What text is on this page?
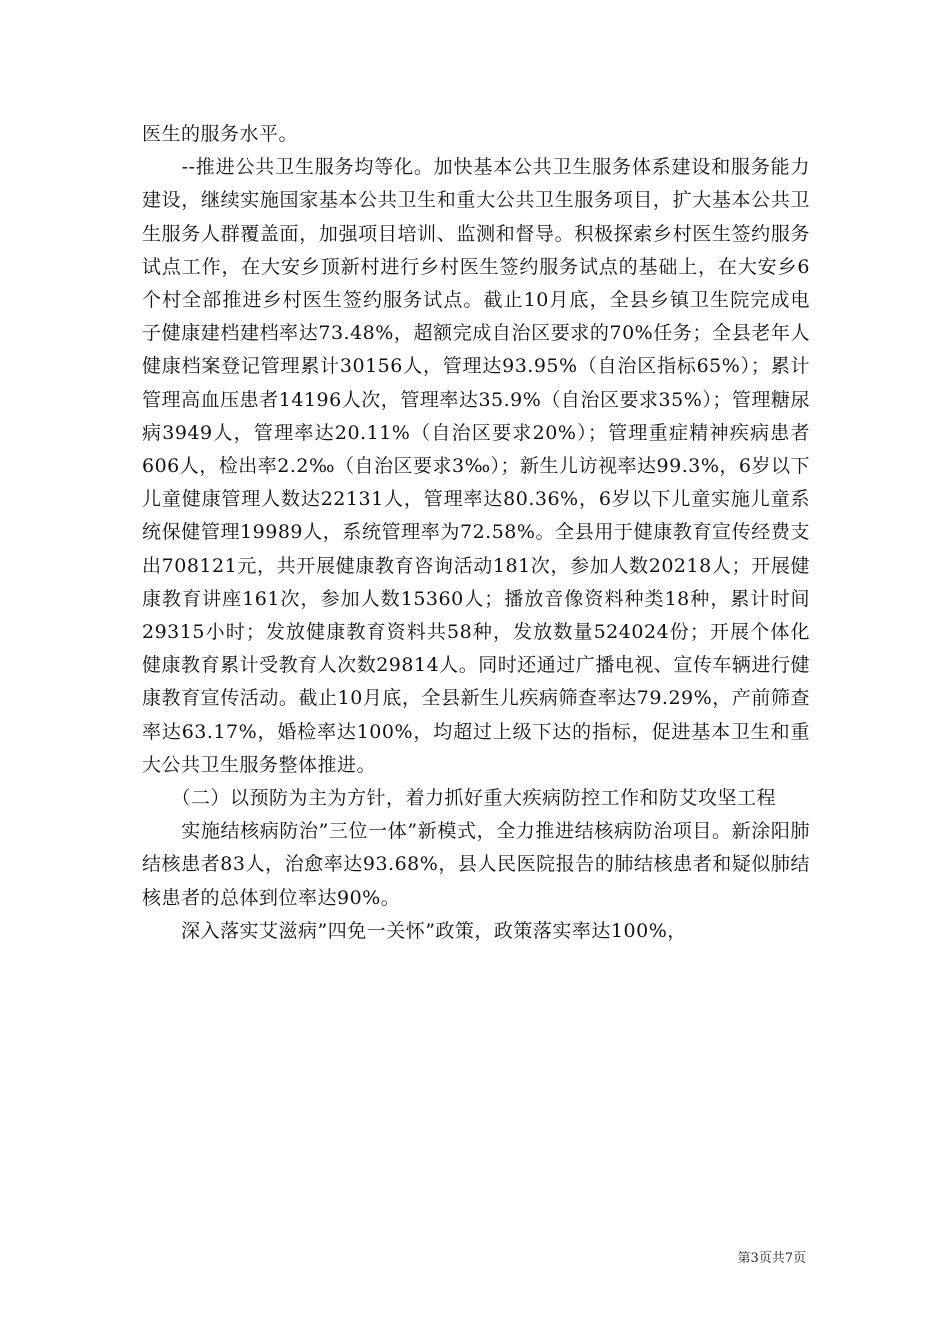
医生的服务水平。

　　--推进公共卫生服务均等化。加快基本公共卫生服务体系建设和服务能力建设，继续实施国家基本公共卫生和重大公共卫生服务项目，扩大基本公共卫生服务人群覆盖面，加强项目培训、监测和督导。积极探索乡村医生签约服务试点工作，在大安乡顶新村进行乡村医生签约服务试点的基础上，在大安乡6个村全部推进乡村医生签约服务试点。截止10月底，全县乡镇卫生院完成电子健康建档建档率达73.48%，超额完成自治区要求的70%任务；全县老年人健康档案登记管理累计30156人，管理达93.95%（自治区指标65%）；累计管理高血压患者14196人次，管理率达35.9%（自治区要求35%）；管理糖尿病3949人，管理率达20.11%（自治区要求20%）；管理重症精神疾病患者606人，检出率2.2‰（自治区要求3‰）；新生儿访视率达99.3%，6岁以下儿童健康管理人数达22131人，管理率达80.36%，6岁以下儿童实施儿童系统保健管理19989人，系统管理率为72.58%。全县用于健康教育宣传经费支出708121元，共开展健康教育咨询活动181次，参加人数20218人；开展健康教育讲座161次，参加人数15360人；播放音像资料种类18种，累计时间29315小时；发放健康教育资料共58种，发放数量524024份；开展个体化健康教育累计受教育人次数29814人。同时还通过广播电视、宣传车辆进行健康教育宣传活动。截止10月底，全县新生儿疾病筛查率达79.29%，产前筛查率达63.17%，婚检率达100%，均超过上级下达的指标，促进基本卫生和重大公共卫生服务整体推进。

　　（二）以预防为主为方针，着力抓好重大疾病防控工作和防艾攻坚工程

　　实施结核病防治”三位一体”新模式，全力推进结核病防治项目。新涂阳肺结核患者83人，治愈率达93.68%，县人民医院报告的肺结核患者和疑似肺结核患者的总体到位率达90%。

　　深入落实艾滋病”四免一关怀”政策，政策落实率达100%，

第3页共7页
